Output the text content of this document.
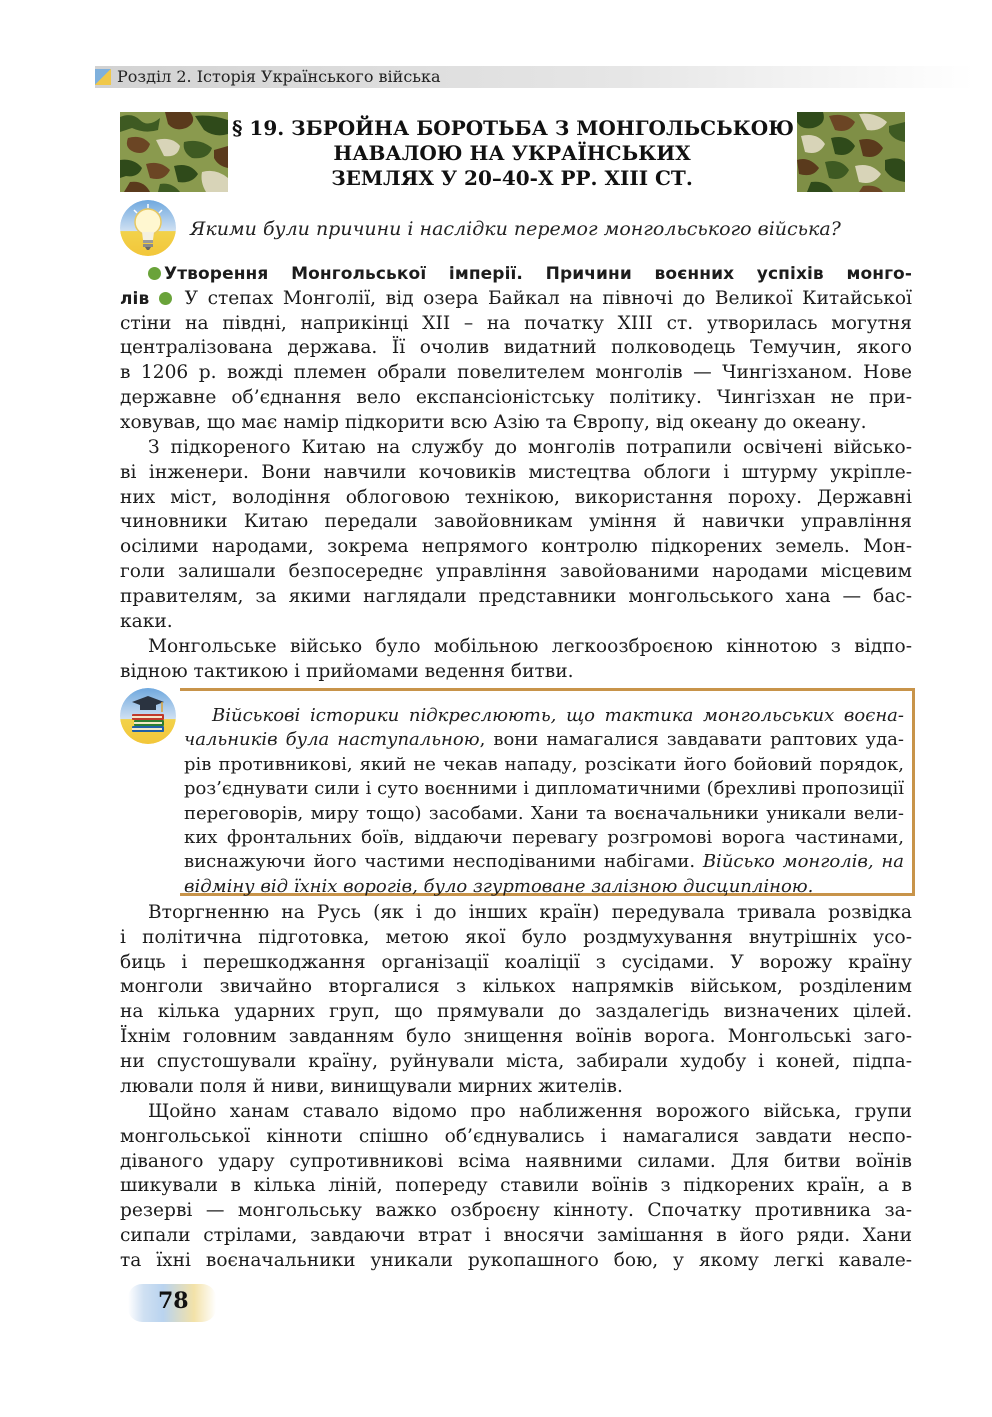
Розділ 2. Історія Українського війська
§ 19. ЗБРОЙНА БОРОТЬБА З МОНГОЛЬСЬКОЮ
НАВАЛОЮ НА УКРАЇНСЬКИХ
ЗЕМЛЯХ У 20–40-Х РР. XIII СТ.
Якими були причини і наслідки перемог монгольського війська?
Утворення Монгольської імперії. Причини воєнних успіхів монго-
лів У степах Монголії, від озера Байкал на півночі до Великої Китайської
стіни на півдні, наприкінці XII – на початку XIII ст. утворилась могутня
централізована держава. Її очолив видатний полководець Темучин, якого
в 1206 р. вожді племен обрали повелителем монголів — Чингізханом. Нове
державне об’єднання вело експансіоністську політику. Чингізхан не при-
ховував, що має намір підкорити всю Азію та Європу, від океану до океану.
З підкореного Китаю на службу до монголів потрапили освічені військо-
ві інженери. Вони навчили кочовиків мистецтва облоги і штурму укріпле-
них міст, володіння облоговою технікою, використання пороху. Державні
чиновники Китаю передали завойовникам уміння й навички управління
осілими народами, зокрема непрямого контролю підкорених земель. Мон-
голи залишали безпосереднє управління завойованими народами місцевим
правителям, за якими наглядали представники монгольського хана — бас-
каки.
Монгольське військо було мобільною легкоозброєною кіннотою з відпо-
відною тактикою і прийомами ведення битви.
Військові історики підкреслюють, що тактика монгольських воєна-
чальників була наступальною, вони намагалися завдавати раптових уда-
рів противникові, який не чекав нападу, розсікати його бойовий порядок,
роз’єднувати сили і суто воєнними і дипломатичними (брехливі пропозиції
переговорів, миру тощо) засобами. Хани та воєначальники уникали вели-
ких фронтальних боїв, віддаючи перевагу розгромові ворога частинами,
виснажуючи його частими несподіваними набігами. Військо монголів, на
відміну від їхніх ворогів, було згуртоване залізною дисципліною.
Вторгненню на Русь (як і до інших країн) передувала тривала розвідка
і політична підготовка, метою якої було роздмухування внутрішніх усо-
биць і перешкоджання організації коаліції з сусідами. У ворожу країну
монголи звичайно вторгалися з кількох напрямків військом, розділеним
на кілька ударних груп, що прямували до заздалегідь визначених цілей.
Їхнім головним завданням було знищення воїнів ворога. Монгольські заго-
ни спустошували країну, руйнували міста, забирали худобу і коней, підпа-
лювали поля й ниви, винищували мирних жителів.
Щойно ханам ставало відомо про наближення ворожого війська, групи
монгольської кінноти спішно об’єднувались і намагалися завдати неспо-
діваного удару супротивникові всіма наявними силами. Для битви воїнів
шикували в кілька ліній, попереду ставили воїнів з підкорених країн, а в
резерві — монгольську важко озброєну кінноту. Спочатку противника за-
сипали стрілами, завдаючи втрат і вносячи замішання в його ряди. Хани
та їхні воєначальники уникали рукопашного бою, у якому легкі кавале-
78
